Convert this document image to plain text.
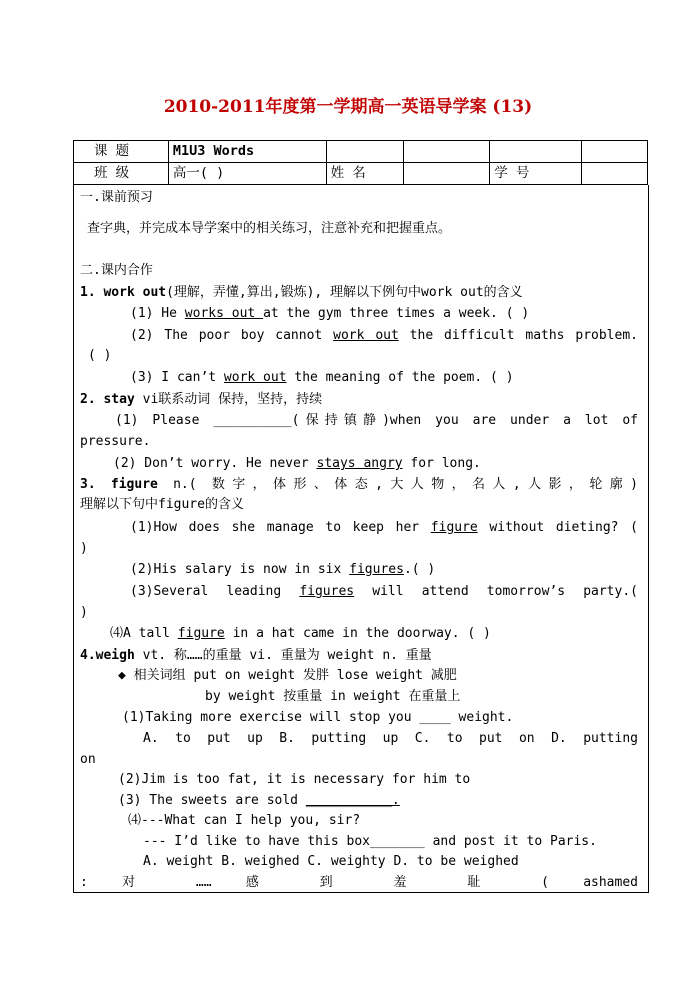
2010-2011年度第一学期高一英语导学案 (13)
课 题	M1U3 Words				
班 级	高一( )	姓 名		学 号	
一.课前预习
查字典，并完成本导学案中的相关练习，注意补充和把握重点。
二.课内合作
1. work out(理解，弄懂,算出,锻炼), 理解以下例句中work out的含义
(1) He works out at the gym three times a week. ( )
(2) The poor boy cannot work out the difficult maths problem.
( )
(3) I can’t work out the meaning of the poem. ( )
2. stay vi联系动词 保持，坚持，持续
(1) Please __________(保持镇静)when you are under a lot of
pressure.
(2) Don’t worry. He never stays angry for long.
3. figure n.( 数字，体形、体态,大人物，名人,人影，轮廓)
理解以下句中figure的含义
(1)How does she manage to keep her figure without dieting? (
)
(2)His salary is now in six figures.( )
(3)Several leading figures will attend tomorrow’s party.(
)
⑷A tall figure in a hat came in the doorway. ( )
4.weigh vt. 称……的重量 vi. 重量为 weight n. 重量
◆ 相关词组 put on weight 发胖 lose weight 减肥
by weight 按重量 in weight 在重量上
(1)Taking more exercise will stop you ____ weight.
A. to put up B. putting up C. to put on D. putting
on
(2)Jim is too fat, it is necessary for him to
(3) The sweets are sold ___________.
⑷---What can I help you, sir?
--- I’d like to have this box_______ and post it to Paris.
A. weight B. weighed C. weighty D. to be weighed
: 对 …… 感 到 羞 耻 ( ashamed
